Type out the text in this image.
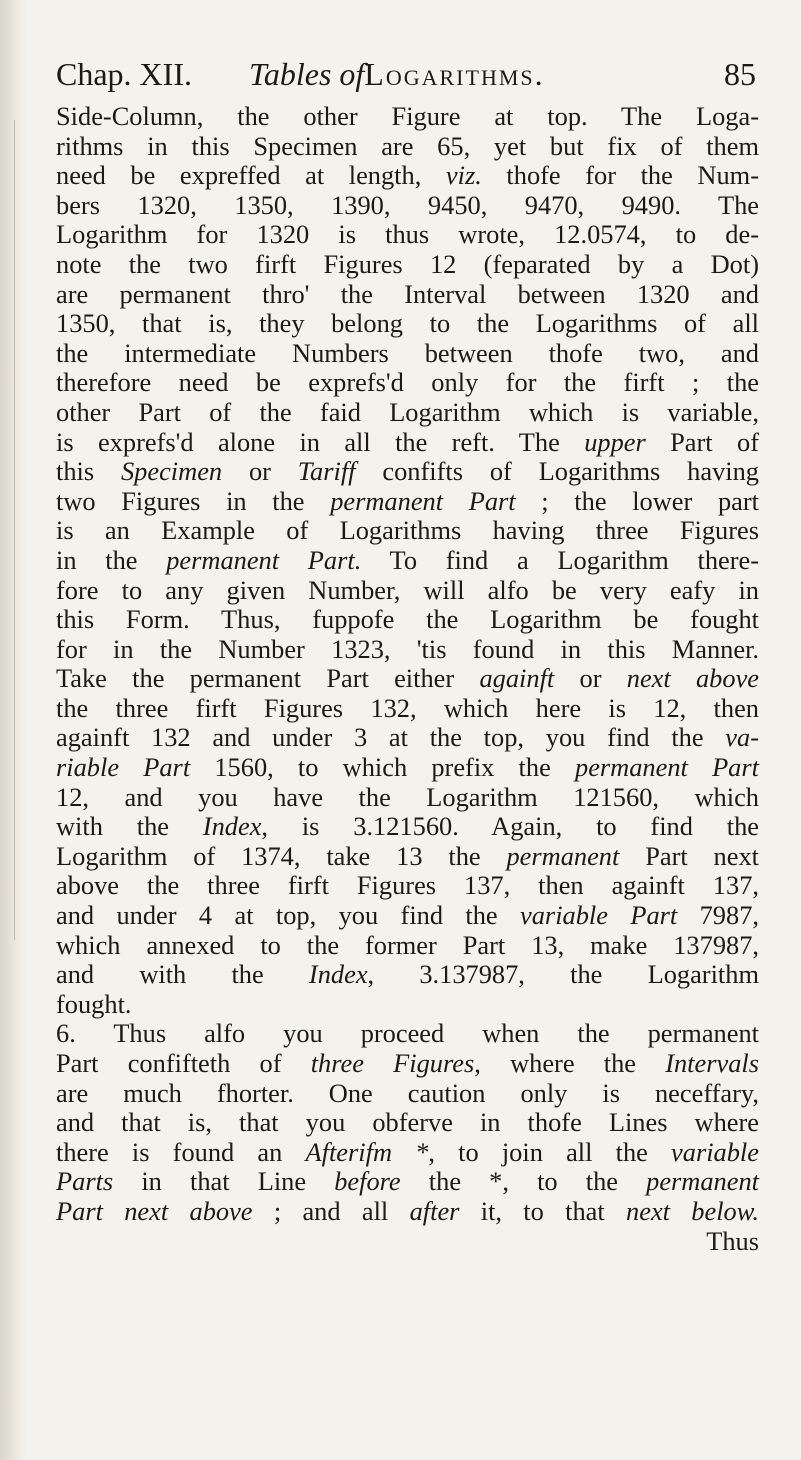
Chap. XII. Tables ofLogarithms.	85
Side-Column, the other Figure at top. The Loga-
rithms in this Specimen are 65, yet but fix of them
need be expreffed at length, viz. thofe for the Num-
bers 1320, 1350, 1390, 9450, 9470, 9490. The
Logarithm for 1320 is thus wrote, 12.0574, to de-
note the two firft Figures 12 (feparated by a Dot)
are permanent thro' the Interval between 1320 and
1350, that is, they belong to the Logarithms of all
the intermediate Numbers between thofe two, and
therefore need be exprefs'd only for the firft ; the
other Part of the faid Logarithm which is variable,
is exprefs'd alone in all the reft. The upper Part of
this Specimen or Tariff confifts of Logarithms having
two Figures in the permanent Part ; the lower part
is an Example of Logarithms having three Figures
in the permanent Part. To find a Logarithm there-
fore to any given Number, will alfo be very eafy in
this Form. Thus, fuppofe the Logarithm be fought
for in the Number 1323, 'tis found in this Manner.
Take the permanent Part either againft or next above
the three firft Figures 132, which here is 12, then
againft 132 and under 3 at the top, you find the va-
riable Part 1560, to which prefix the permanent Part
12, and you have the Logarithm 121560, which
with the Index, is 3.121560. Again, to find the
Logarithm of 1374, take 13 the permanent Part next
above the three firft Figures 137, then againft 137,
and under 4 at top, you find the variable Part 7987,
which annexed to the former Part 13, make 137987,
and with the Index, 3.137987, the Logarithm
fought.
6. Thus alfo you proceed when the permanent
Part confifteth of three Figures, where the Intervals
are much fhorter. One caution only is neceffary,
and that is, that you obferve in thofe Lines where
there is found an Afterifm *, to join all the variable
Parts in that Line before the *, to the permanent
Part next above ; and all after it, to that next below.
Thus
